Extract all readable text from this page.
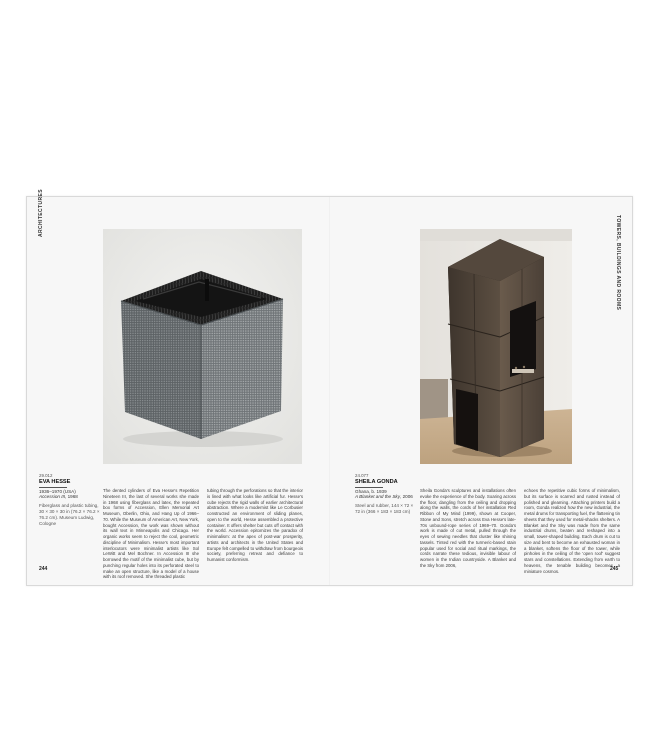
ARCHITECTURES
29.012
EVA HESSE
1936–1970 (USA)
Accession III, 1968
Fiberglass and plastic tubing, 30 × 30 × 30 in (76.2 × 76.2 × 76.2 cm). Museum Ludwig, Cologne
The dented cylinders of Eva Hesse's Repetition Nineteen III, the last of several works she made in 1968 using fiberglass and latex, the repeated box forms of Accession, Ellen Memorial Art Museum, Oberlin, Ohio, and Hang Up of 1966–70. While the Museum of American Art, New York, bought Accession, the work was shown without its wall text in Minneapolis and Chicago. Her organic works seem to reject the cool, geometric discipline of Minimalism. Hesse's most important interlocutors were minimalist artists like Sol LeWitt and Mel Bochner. In Accession III she borrowed the motif of the minimalist cube, but by punching regular holes into its perforated steel to make an open structure, like a model of a house with its roof removed. She threaded plastic
tubing through the perforations so that the interior is lined with what looks like artificial fur. Hesse's cube rejects the rigid walls of earlier architectural abstraction. Where a modernist like Le Corbusier constructed an environment of sliding planes, open to the world, Hesse assembled a protective container. It offers shelter but cuts off contact with the world. Accession epitomizes the paradox of minimalism: at the apex of post-war prosperity, artists and architects in the United States and Europe felt compelled to withdraw from bourgeois society, preferring retreat and defiance to humanist conformism.
244
TOWERS, BUILDINGS AND ROOMS
24.077
SHEILA GONDA
Ghana, b. 1939
A Blanket and the Sky, 2006
Steel and rubber, 144 × 72 × 72 in (366 × 183 × 183 cm)
Sheila Gonda's sculptures and installations often evoke the experience of the body. Soaring across the floor, dangling from the ceiling and dropping along the walls, the cords of her installation Red Ribbon of My Mind (1999), shown at Cooper, Stone and Sons, stretch across Eva Hesse's late-70s unbound-rope series of 1969–70. Gonda's work is made of cut metal, pulled through the eyes of sewing needles that cluster like shining tassels. Tinted red with the turmeric-based stain popular used for social and ritual markings, the cords narrate these tedious, invisible labour of women in the Indian countryside. A Blanket and the Sky from 2006,
echoes the repetitive cubic forms of minimalism, but its surface is scarred and rusted instead of polished and gleaming. Attaching printers build a room, Gonda realized how the new industrial, the metal drums for transporting fuel, the flattening tin sheets that they used for metal-shacks shelters. A Blanket and the Sky was made from the same industrial drums, beaten and reshaped into a small, tower-shaped building. Each drum is cut to size and bent to become an exhausted woman in a blanket, softens the floor of the tower, while pinholes in the ceiling of the 'open roof' suggest stars and constellations. Extending from earth to heavens, the tenable building becomes a miniature cosmos.	245
